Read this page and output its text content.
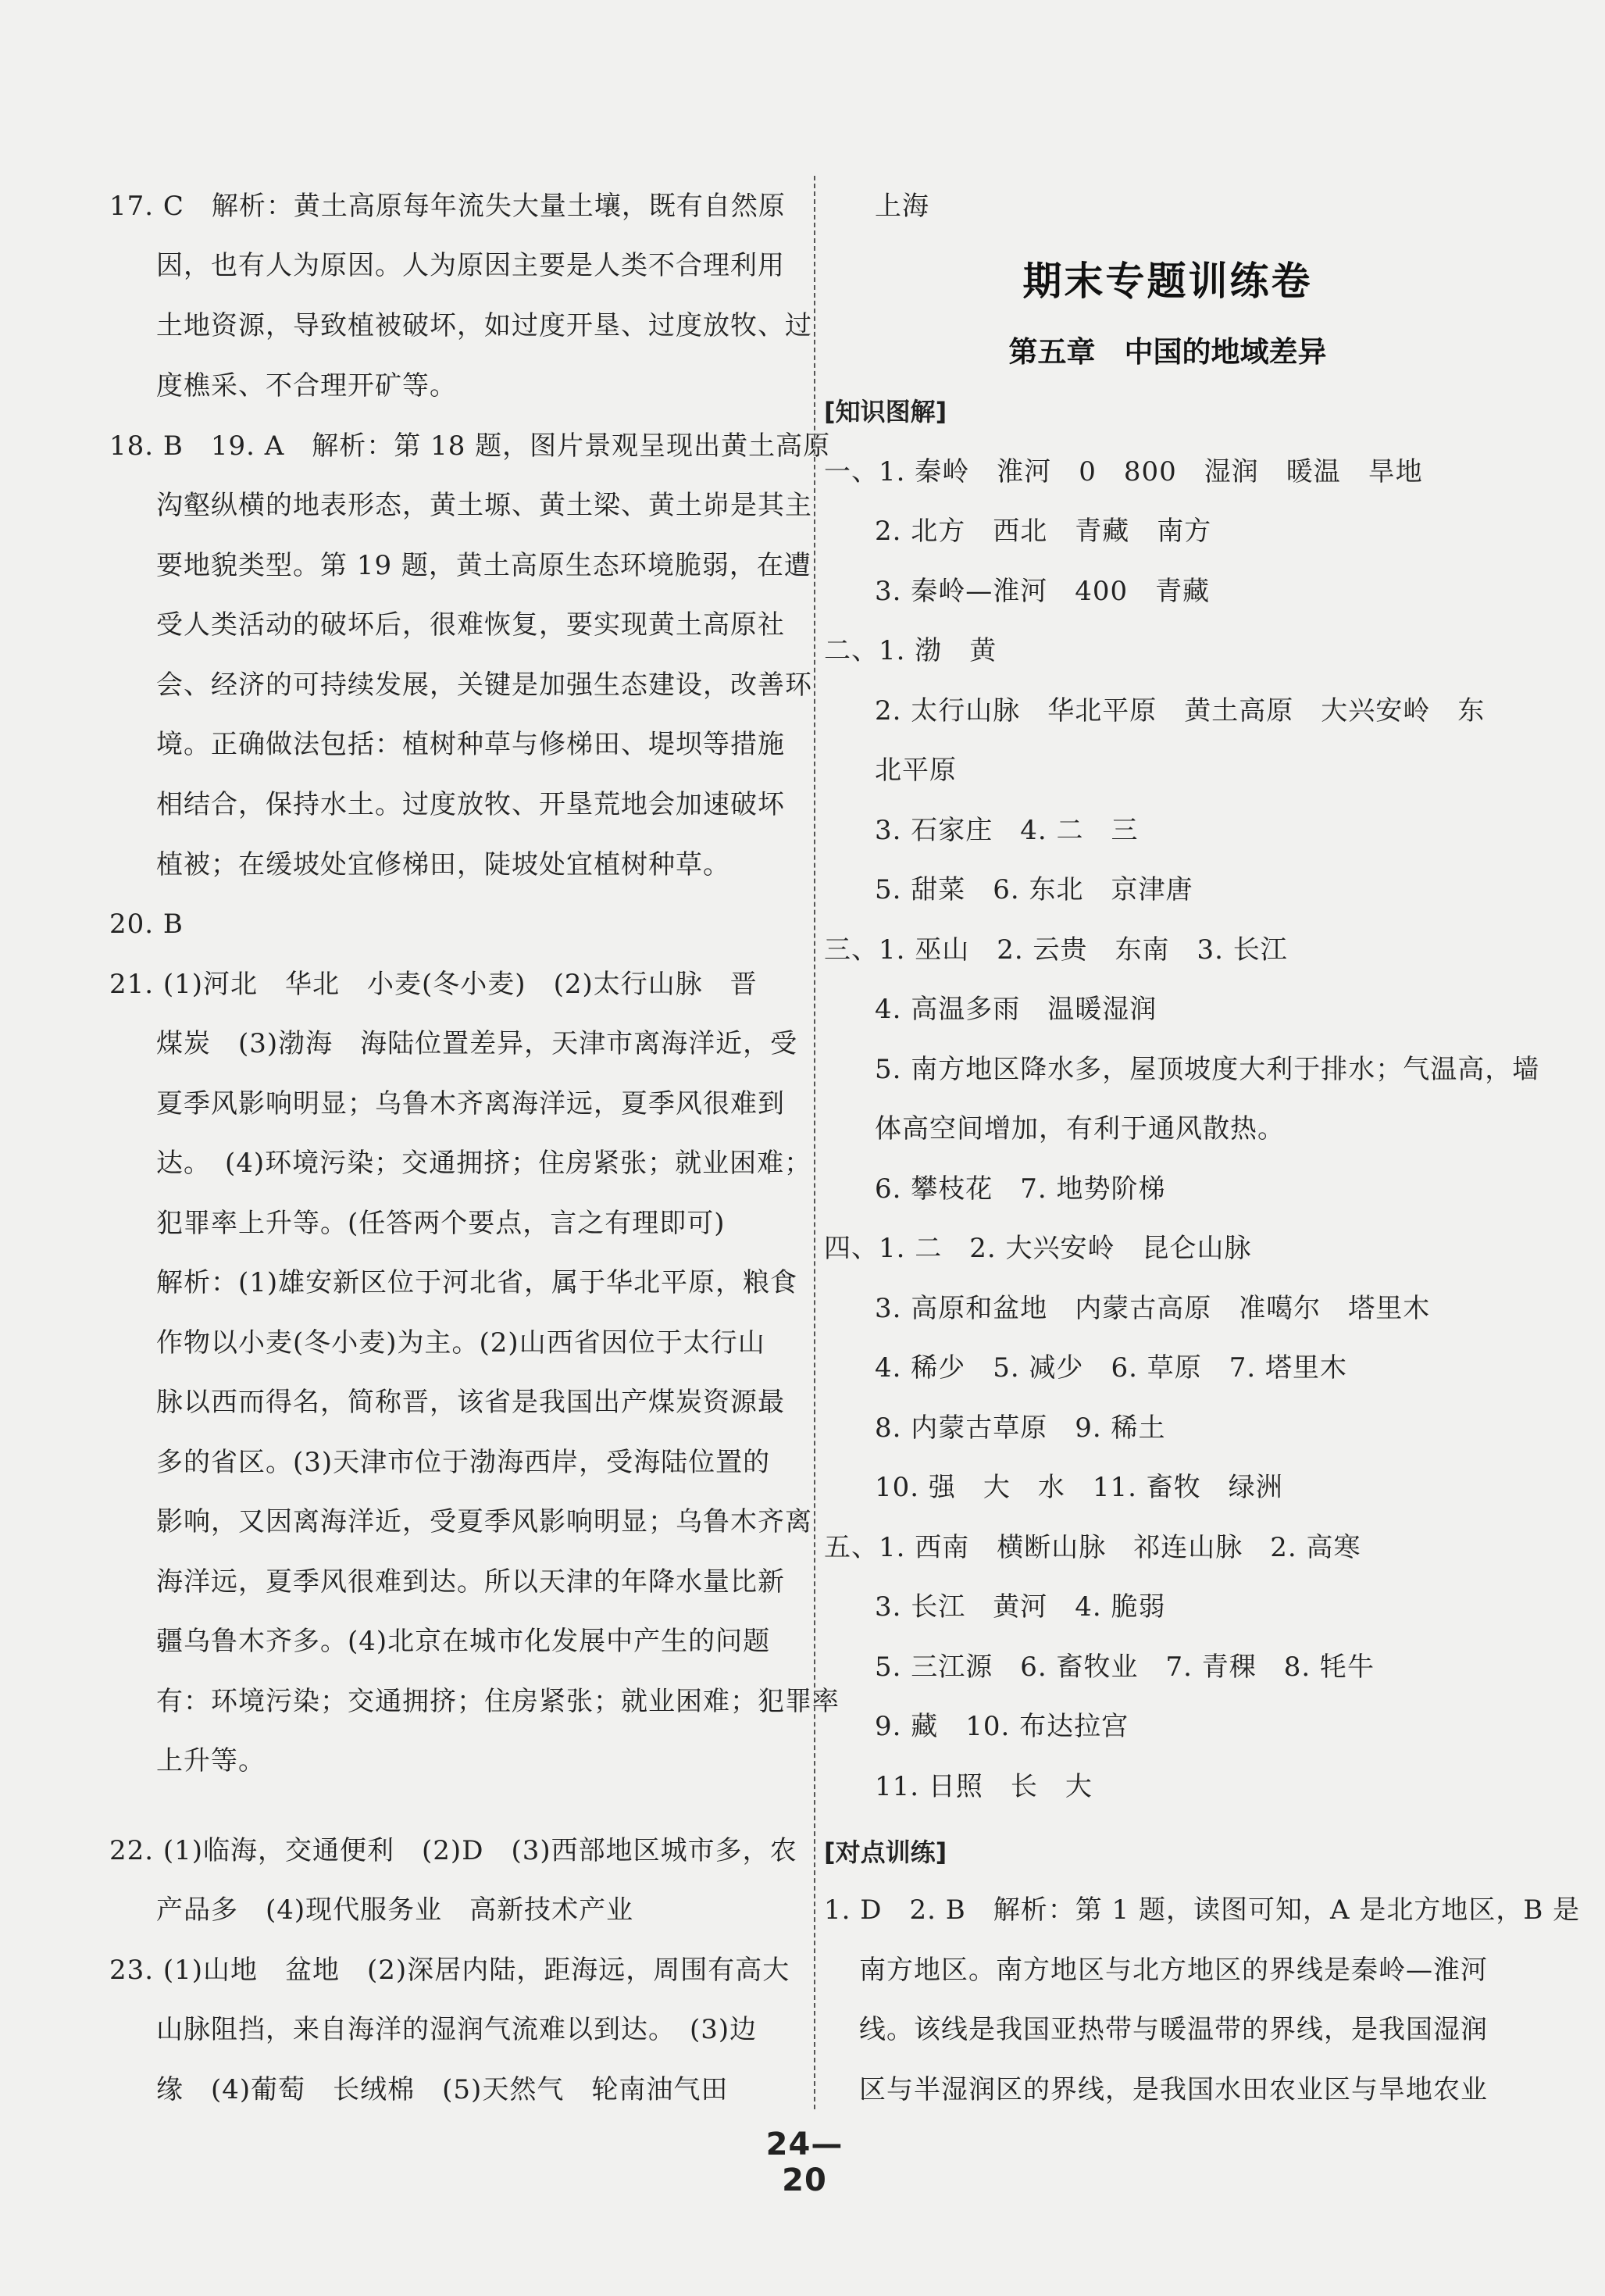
17. C　解析：黄土高原每年流失大量土壤，既有自然原
因，也有人为原因。人为原因主要是人类不合理利用
土地资源，导致植被破坏，如过度开垦、过度放牧、过
度樵采、不合理开矿等。
18. B　19. A　解析：第 18 题，图片景观呈现出黄土高原
沟壑纵横的地表形态，黄土塬、黄土梁、黄土峁是其主
要地貌类型。第 19 题，黄土高原生态环境脆弱，在遭
受人类活动的破坏后，很难恢复，要实现黄土高原社
会、经济的可持续发展，关键是加强生态建设，改善环
境。正确做法包括：植树种草与修梯田、堤坝等措施
相结合，保持水土。过度放牧、开垦荒地会加速破坏
植被；在缓坡处宜修梯田，陡坡处宜植树种草。
20. B
21. (1)河北　华北　小麦(冬小麦)　(2)太行山脉　晋
煤炭　(3)渤海　海陆位置差异，天津市离海洋近，受
夏季风影响明显；乌鲁木齐离海洋远，夏季风很难到
达。　(4)环境污染；交通拥挤；住房紧张；就业困难；
犯罪率上升等。(任答两个要点，言之有理即可)
解析：(1)雄安新区位于河北省，属于华北平原，粮食
作物以小麦(冬小麦)为主。(2)山西省因位于太行山
脉以西而得名，简称晋，该省是我国出产煤炭资源最
多的省区。(3)天津市位于渤海西岸，受海陆位置的
影响，又因离海洋近，受夏季风影响明显；乌鲁木齐离
海洋远，夏季风很难到达。所以天津的年降水量比新
疆乌鲁木齐多。(4)北京在城市化发展中产生的问题
有：环境污染；交通拥挤；住房紧张；就业困难；犯罪率
上升等。
22. (1)临海，交通便利　(2)D　(3)西部地区城市多，农
产品多　(4)现代服务业　高新技术产业
23. (1)山地　盆地　(2)深居内陆，距海远，周围有高大
山脉阻挡，来自海洋的湿润气流难以到达。　(3)边
缘　(4)葡萄　长绒棉　(5)天然气　轮南油气田
上海
期末专题训练卷
第五章　中国的地域差异
[知识图解]
一、1. 秦岭　淮河　0　800　湿润　暖温　旱地
2. 北方　西北　青藏　南方
3. 秦岭—淮河　400　青藏
二、1. 渤　黄
2. 太行山脉　华北平原　黄土高原　大兴安岭　东
北平原
3. 石家庄　4. 二　三
5. 甜菜　6. 东北　京津唐
三、1. 巫山　2. 云贵　东南　3. 长江
4. 高温多雨　温暖湿润
5. 南方地区降水多，屋顶坡度大利于排水；气温高，墙
体高空间增加，有利于通风散热。
6. 攀枝花　7. 地势阶梯
四、1. 二　2. 大兴安岭　昆仑山脉
3. 高原和盆地　内蒙古高原　准噶尔　塔里木
4. 稀少　5. 减少　6. 草原　7. 塔里木
8. 内蒙古草原　9. 稀土
10. 强　大　水　11. 畜牧　绿洲
五、1. 西南　横断山脉　祁连山脉　2. 高寒
3. 长江　黄河　4. 脆弱
5. 三江源　6. 畜牧业　7. 青稞　8. 牦牛
9. 藏　10. 布达拉宫
11. 日照　长　大
[对点训练]
1. D　2. B　解析：第 1 题，读图可知，A 是北方地区，B 是
南方地区。南方地区与北方地区的界线是秦岭—淮河
线。该线是我国亚热带与暖温带的界线，是我国湿润
区与半湿润区的界线，是我国水田农业区与旱地农业
24—20
